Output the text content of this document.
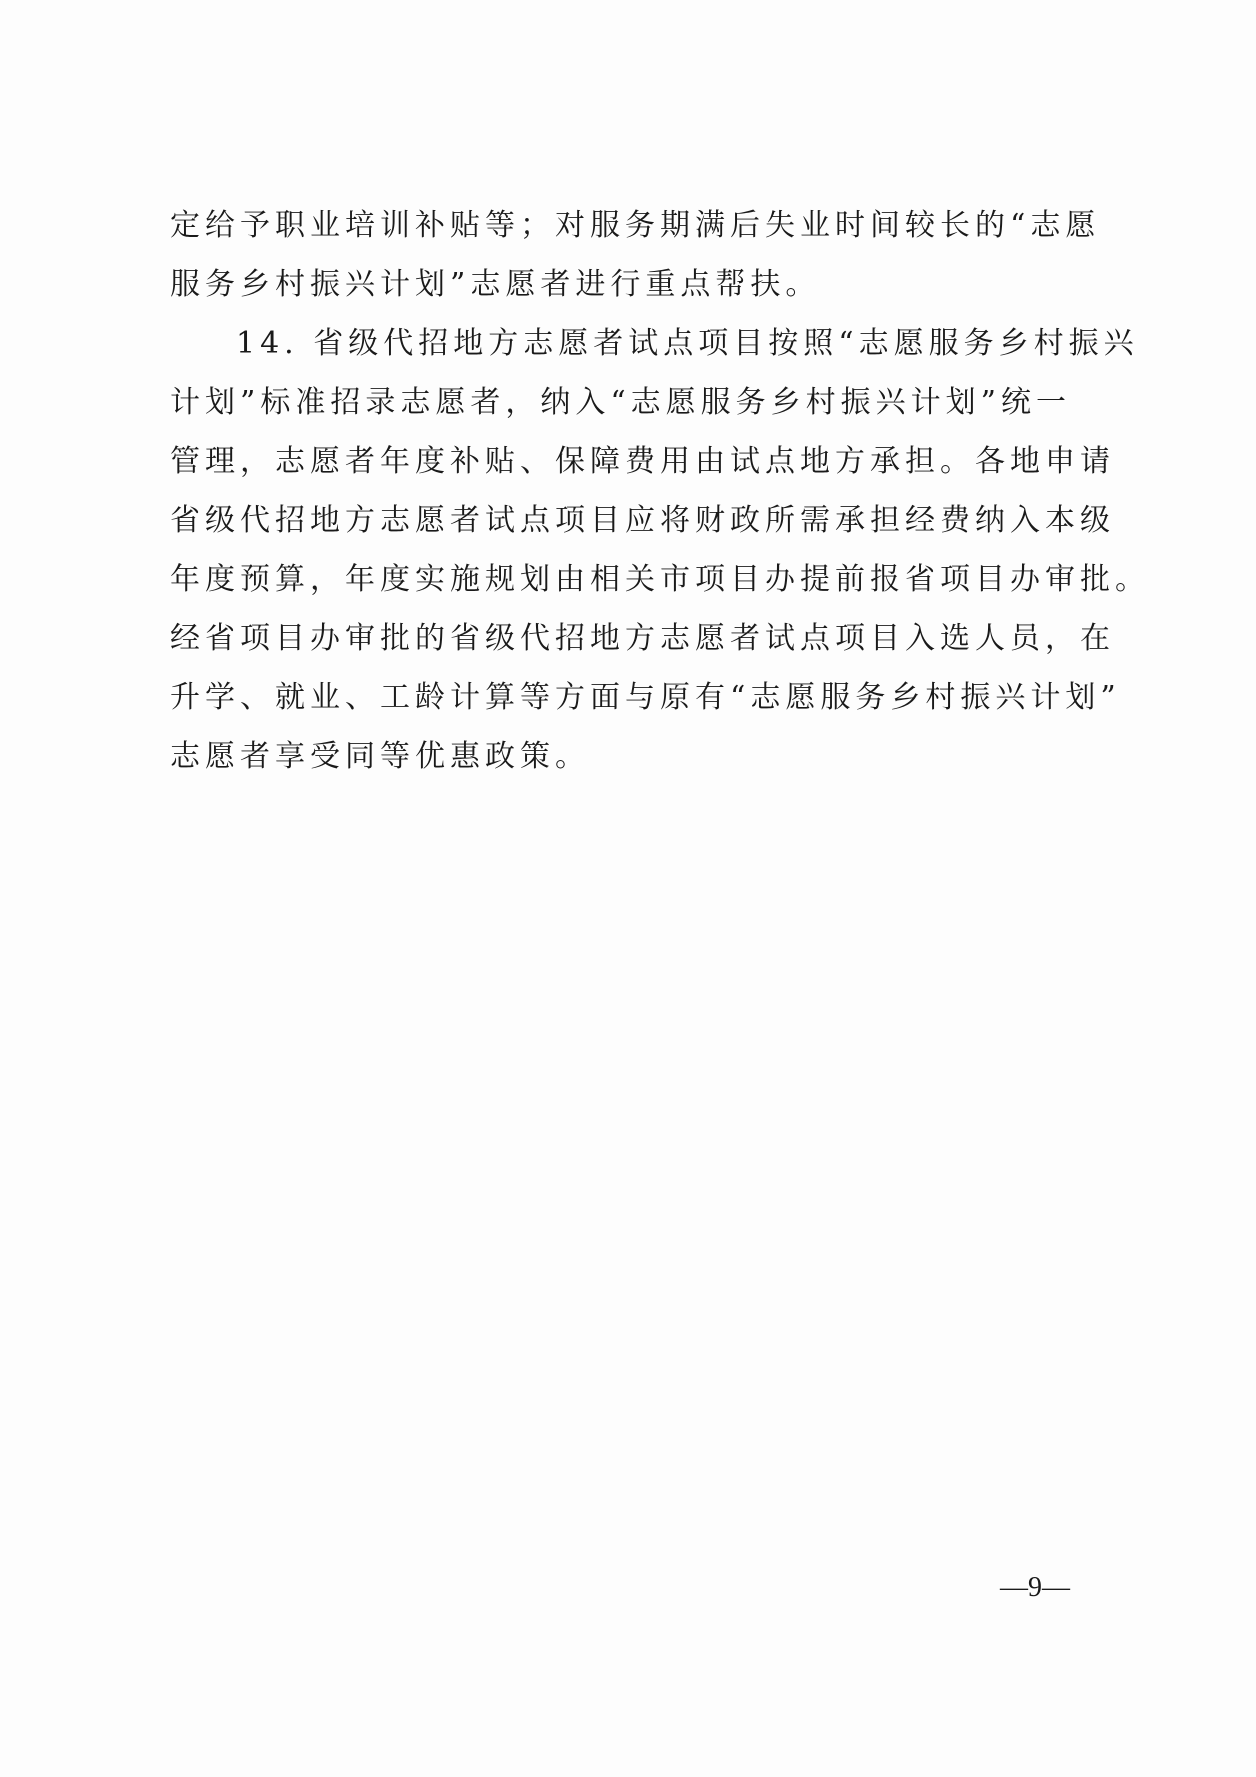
定给予职业培训补贴等；对服务期满后失业时间较长的“志愿
服务乡村振兴计划”志愿者进行重点帮扶。
14. 省级代招地方志愿者试点项目按照“志愿服务乡村振兴
计划”标准招录志愿者，纳入“志愿服务乡村振兴计划”统一
管理，志愿者年度补贴、保障费用由试点地方承担。各地申请
省级代招地方志愿者试点项目应将财政所需承担经费纳入本级
年度预算，年度实施规划由相关市项目办提前报省项目办审批。
经省项目办审批的省级代招地方志愿者试点项目入选人员，在
升学、就业、工龄计算等方面与原有“志愿服务乡村振兴计划”
志愿者享受同等优惠政策。
—9—
